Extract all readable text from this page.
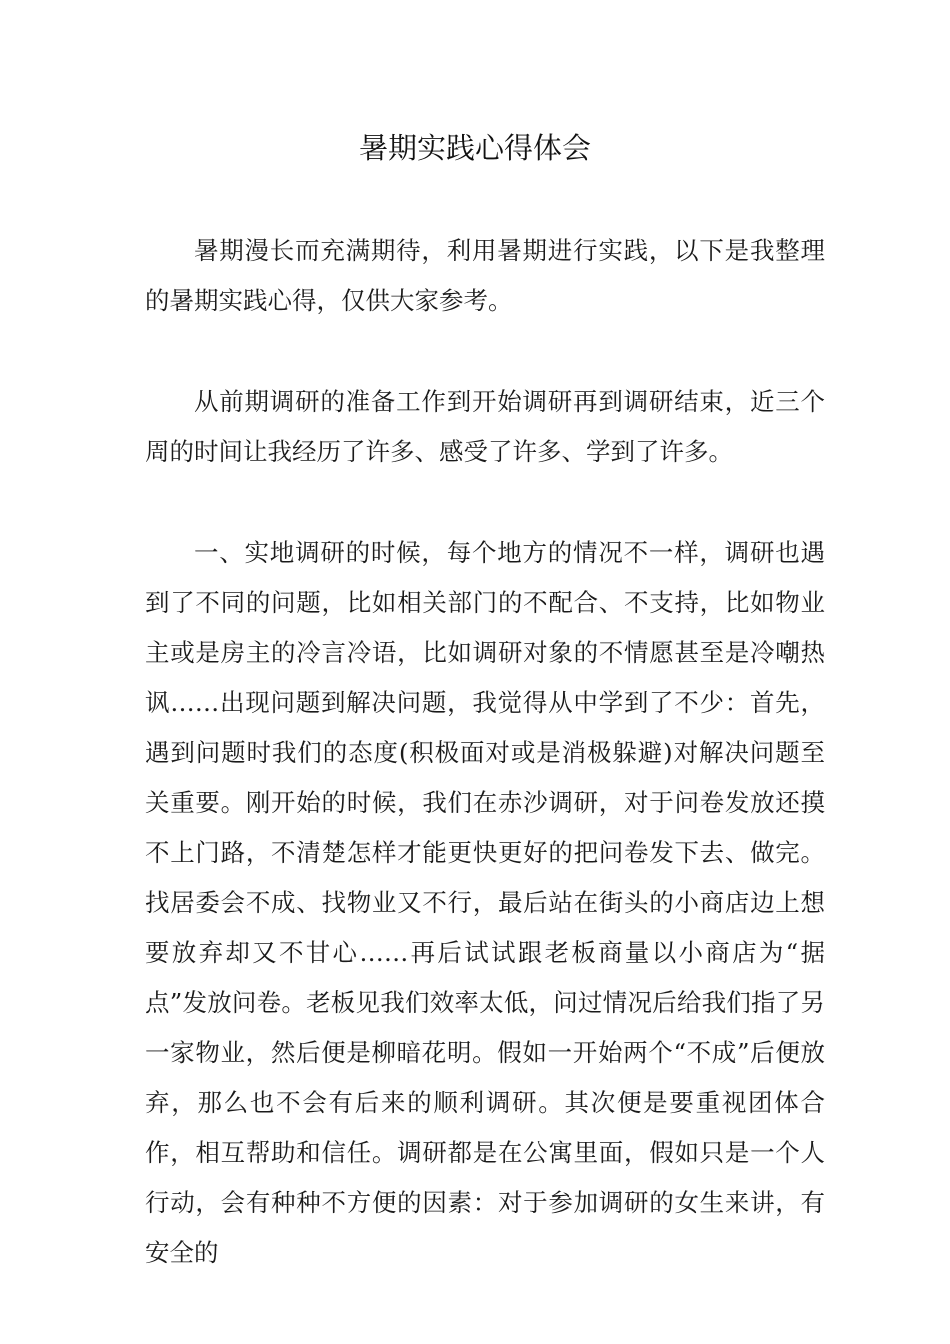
暑期实践心得体会

暑期漫长而充满期待，利用暑期进行实践，以下是我整理的暑期实践心得，仅供大家参考。

从前期调研的准备工作到开始调研再到调研结束，近三个周的时间让我经历了许多、感受了许多、学到了许多。

一、实地调研的时候，每个地方的情况不一样，调研也遇到了不同的问题，比如相关部门的不配合、不支持，比如物业主或是房主的冷言冷语，比如调研对象的不情愿甚至是冷嘲热讽……出现问题到解决问题，我觉得从中学到了不少：首先，遇到问题时我们的态度(积极面对或是消极躲避)对解决问题至关重要。刚开始的时候，我们在赤沙调研，对于问卷发放还摸不上门路，不清楚怎样才能更快更好的把问卷发下去、做完。找居委会不成、找物业又不行，最后站在街头的小商店边上想要放弃却又不甘心……再后试试跟老板商量以小商店为“据点”发放问卷。老板见我们效率太低，问过情况后给我们指了另一家物业，然后便是柳暗花明。假如一开始两个“不成”后便放弃，那么也不会有后来的顺利调研。其次便是要重视团体合作，相互帮助和信任。调研都是在公寓里面，假如只是一个人行动，会有种种不方便的因素：对于参加调研的女生来讲，有安全的
